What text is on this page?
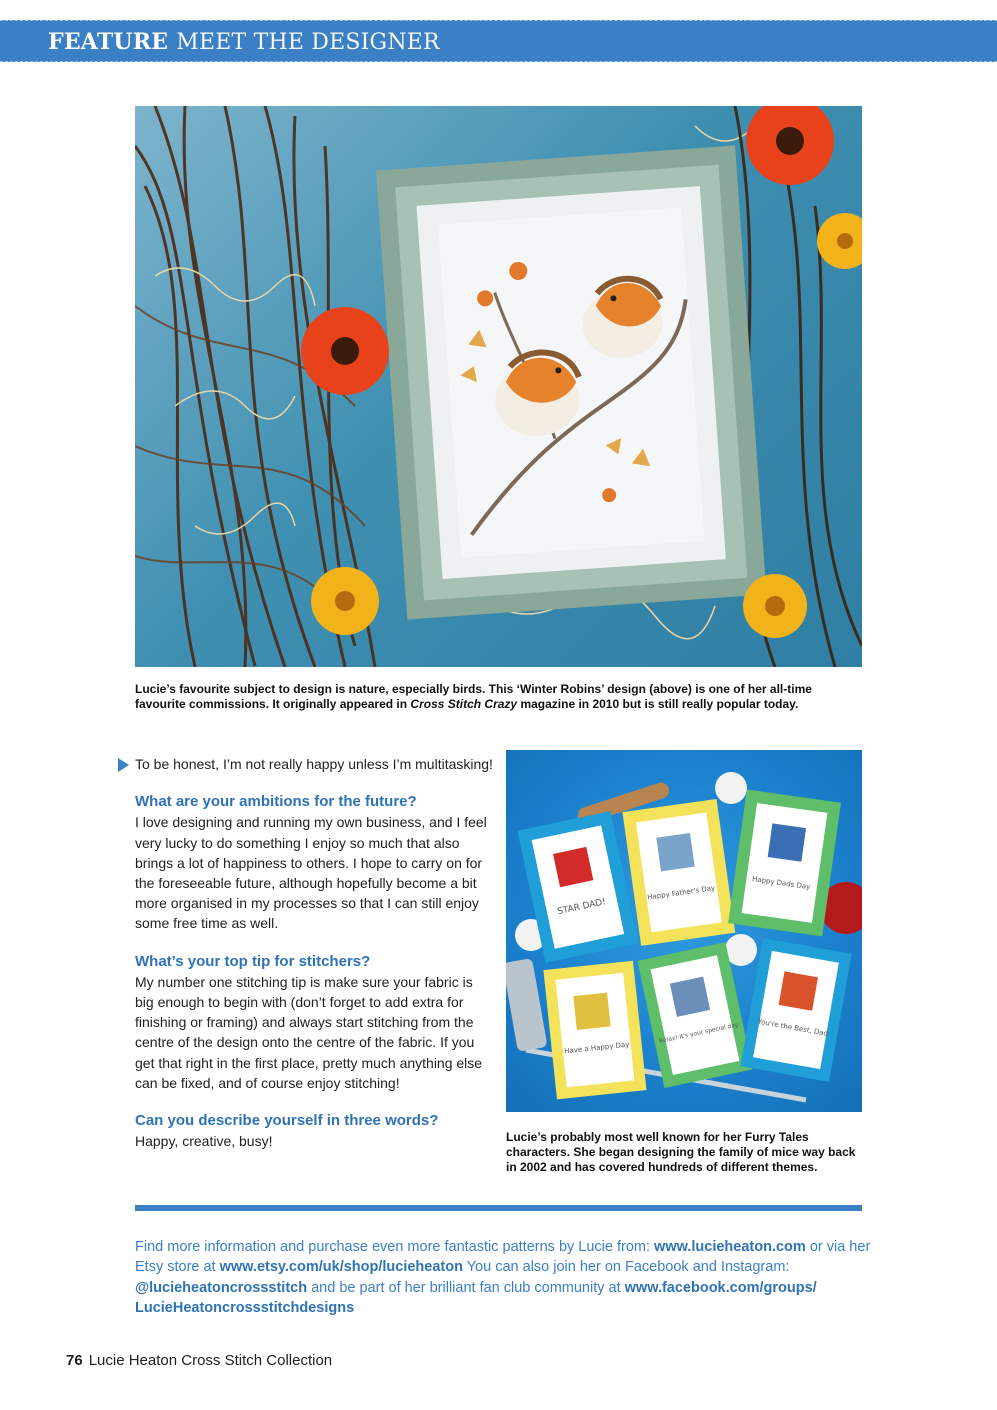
FEATURE MEET THE DESIGNER
Lucie’s favourite subject to design is nature, especially birds. This ‘Winter Robins’ design (above) is one of her all-time favourite commissions. It originally appeared in Cross Stitch Crazy magazine in 2010 but is still really popular today.

To be honest, I’m not really happy unless I’m multitasking!

What are your ambitions for the future?

I love designing and running my own business, and I feel very lucky to do something I enjoy so much that also brings a lot of happiness to others. I hope to carry on for the foreseeable future, although hopefully become a bit more organised in my processes so that I can still enjoy some free time as well.

What’s your top tip for stitchers?

My number one stitching tip is make sure your fabric is big enough to begin with (don’t forget to add extra for finishing or framing) and always start stitching from the centre of the design onto the centre of the fabric. If you get that right in the first place, pretty much anything else can be fixed, and of course enjoy stitching!

Can you describe yourself in three words?

Happy, creative, busy!

STAR DAD!
Happy Father's Day
Happy Dads Day
Have a Happy Day
Relax! It's your special day	You're the Best, Dad
Lucie’s probably most well known for her Furry Tales characters. She began designing the family of mice way back in 2002 and has covered hundreds of different themes.
Find more information and purchase even more fantastic patterns by Lucie from: www.lucieheaton.com or via her Etsy store at www.etsy.com/uk/shop/lucieheaton You can also join her on Facebook and Instagram: @lucieheatoncrossstitch and be part of her brilliant fan club community at www.facebook.com/groups/ LucieHeatoncrossstitchdesigns
76 Lucie Heaton Cross Stitch Collection
